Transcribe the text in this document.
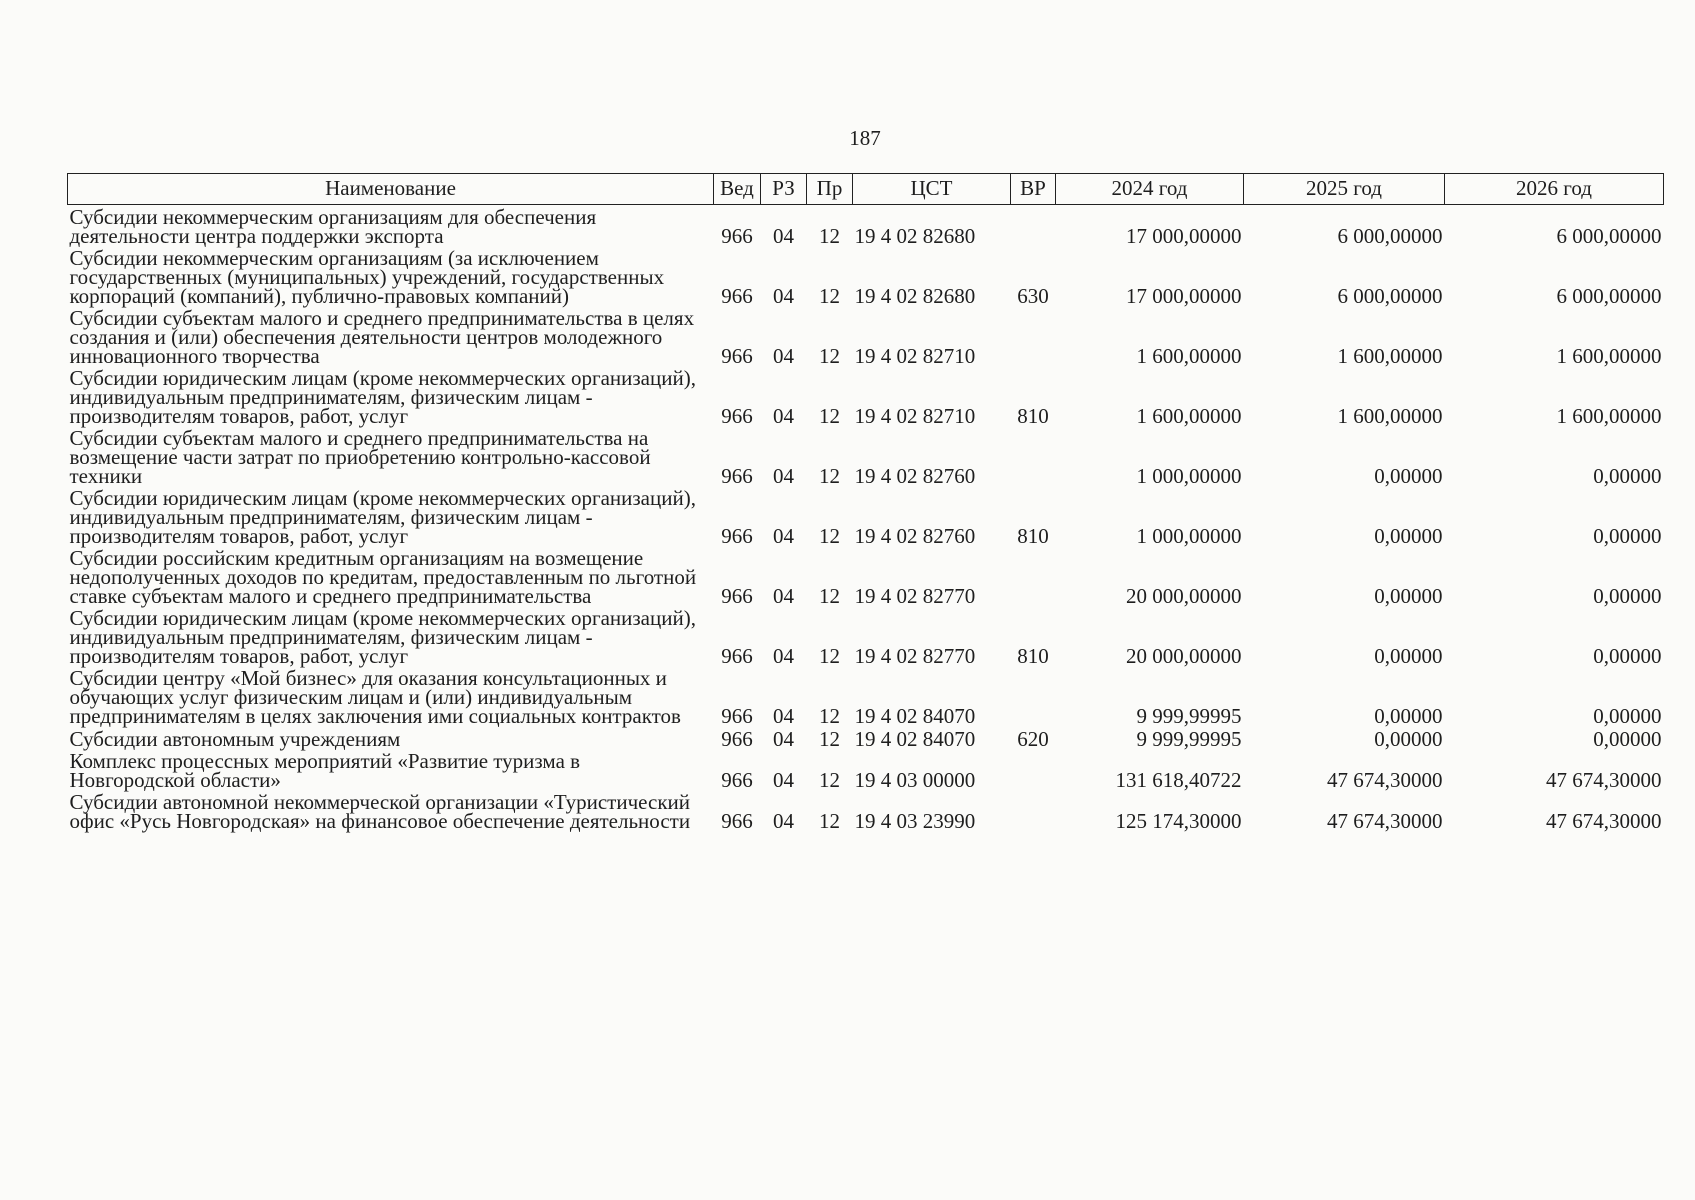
187
Наименование	Вед	РЗ	Пр	ЦСТ	ВР	2024 год	2025 год	2026 год
Субсидии некоммерческим организациям для обеспечения деятельности центра поддержки экспорта	966	04	12	19 4 02 82680		17 000,00000	6 000,00000	6 000,00000
Субсидии некоммерческим организациям (за исключением государственных (муниципальных) учреждений, государственных корпораций (компаний), публично-правовых компаний)	966	04	12	19 4 02 82680	630	17 000,00000	6 000,00000	6 000,00000
Субсидии субъектам малого и среднего предпринимательства в целях создания и (или) обеспечения деятельности центров молодежного инновационного творчества	966	04	12	19 4 02 82710		1 600,00000	1 600,00000	1 600,00000
Субсидии юридическим лицам (кроме некоммерческих организаций), индивидуальным предпринимателям, физическим лицам - производителям товаров, работ, услуг	966	04	12	19 4 02 82710	810	1 600,00000	1 600,00000	1 600,00000
Субсидии субъектам малого и среднего предпринимательства на возмещение части затрат по приобретению контрольно-кассовой техники	966	04	12	19 4 02 82760		1 000,00000	0,00000	0,00000
Субсидии юридическим лицам (кроме некоммерческих организаций), индивидуальным предпринимателям, физическим лицам - производителям товаров, работ, услуг	966	04	12	19 4 02 82760	810	1 000,00000	0,00000	0,00000
Субсидии российским кредитным организациям на возмещение недополученных доходов по кредитам, предоставленным по льготной ставке субъектам малого и среднего предпринимательства	966	04	12	19 4 02 82770		20 000,00000	0,00000	0,00000
Субсидии юридическим лицам (кроме некоммерческих организаций), индивидуальным предпринимателям, физическим лицам - производителям товаров, работ, услуг	966	04	12	19 4 02 82770	810	20 000,00000	0,00000	0,00000
Субсидии центру «Мой бизнес» для оказания консультационных и обучающих услуг физическим лицам и (или) индивидуальным предпринимателям в целях заключения ими социальных контрактов	966	04	12	19 4 02 84070		9 999,99995	0,00000	0,00000
Субсидии автономным учреждениям	966	04	12	19 4 02 84070	620	9 999,99995	0,00000	0,00000
Комплекс процессных мероприятий «Развитие туризма в Новгородской области»	966	04	12	19 4 03 00000		131 618,40722	47 674,30000	47 674,30000
Субсидии автономной некоммерческой организации «Туристический офис «Русь Новгородская» на финансовое обеспечение деятельности	966	04	12	19 4 03 23990		125 174,30000	47 674,30000	47 674,30000
